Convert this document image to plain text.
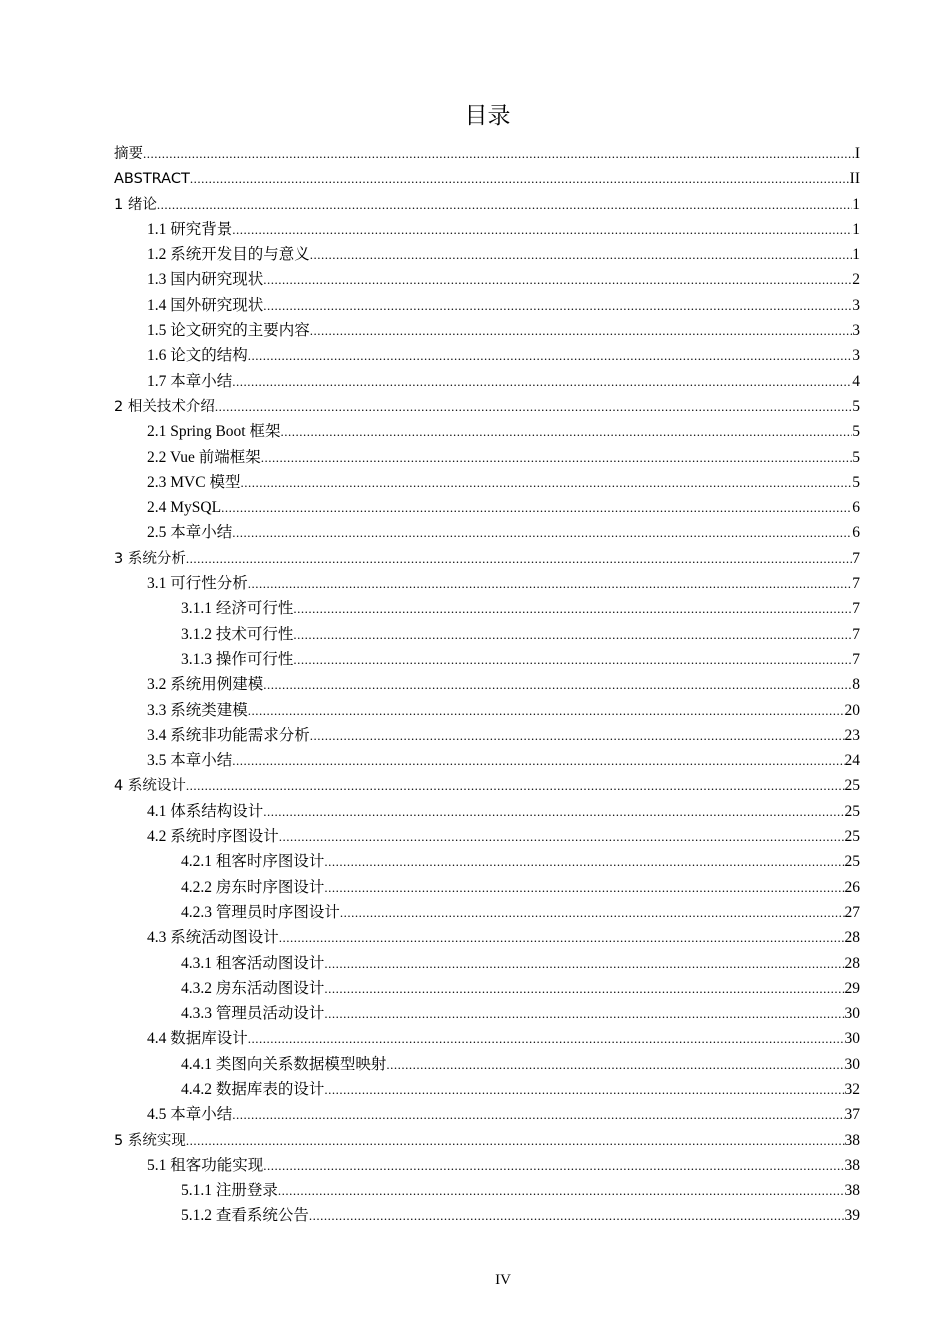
目录
摘要 .....	I
ABSTRACT .....	II
1 绪论 .....	1
1.1 研究背景 .....	1
1.2 系统开发目的与意义 .....	1
1.3 国内研究现状 .....	2
1.4 国外研究现状 .....	3
1.5 论文研究的主要内容 .....	3
1.6 论文的结构 .....	3
1.7 本章小结 .....	4
2 相关技术介绍 .....	5
2.1 Spring Boot 框架 .....	5
2.2 Vue 前端框架 .....	5
2.3 MVC 模型 .....	5
2.4 MySQL .....	6
2.5 本章小结 .....	6
3 系统分析 .....	7
3.1 可行性分析 .....	7
3.1.1 经济可行性 .....	7
3.1.2 技术可行性 .....	7
3.1.3 操作可行性 .....	7
3.2 系统用例建模 .....	8
3.3 系统类建模 .....	20
3.4 系统非功能需求分析 .....	23
3.5 本章小结 .....	24
4 系统设计 .....	25
4.1 体系结构设计 .....	25
4.2 系统时序图设计 .....	25
4.2.1 租客时序图设计 .....	25
4.2.2 房东时序图设计 .....	26
4.2.3 管理员时序图设计 .....	27
4.3 系统活动图设计 .....	28
4.3.1 租客活动图设计 .....	28
4.3.2 房东活动图设计 .....	29
4.3.3 管理员活动设计 .....	30
4.4 数据库设计 .....	30
4.4.1 类图向关系数据模型映射 .....	30
4.4.2 数据库表的设计 .....	32
4.5 本章小结 .....	37
5 系统实现 .....	38
5.1 租客功能实现 .....	38
5.1.1 注册登录 .....	38
5.1.2 查看系统公告 .....	39
IV
